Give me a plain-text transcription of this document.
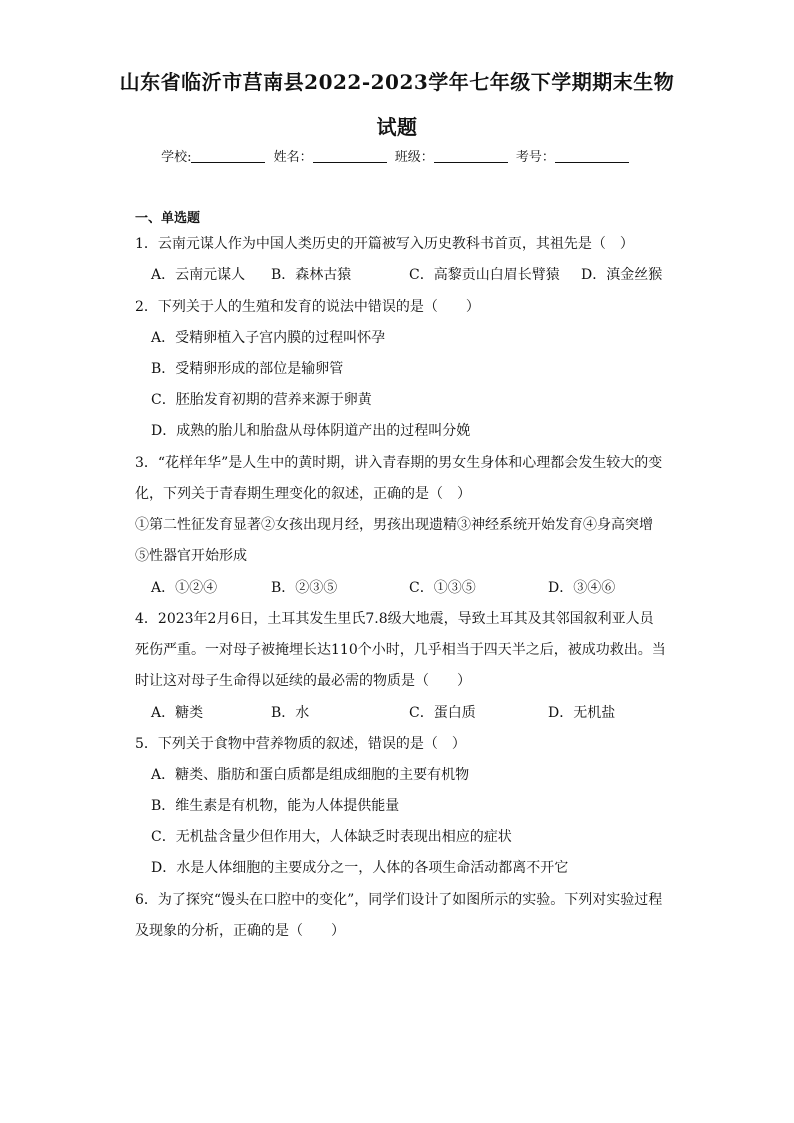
山东省临沂市莒南县2022-2023学年七年级下学期期末生物
试题
学校:	姓名：	班级：	考号：
一、单选题
1．云南元谋人作为中国人类历史的开篇被写入历史教科书首页，其祖先是（　）
A．云南元谋人 B．森林古猿	C．高黎贡山白眉长臂猿 D．滇金丝猴
2．下列关于人的生殖和发育的说法中错误的是（　　）
A．受精卵植入子宫内膜的过程叫怀孕
B．受精卵形成的部位是输卵管
C．胚胎发育初期的营养来源于卵黄
D．成熟的胎儿和胎盘从母体阴道产出的过程叫分娩
3．“花样年华”是人生中的黄时期，讲入青春期的男女生身体和心理都会发生较大的变
化，下列关于青春期生理变化的叙述，正确的是（　）
①第二性征发育显著②女孩出现月经，男孩出现遗精③神经系统开始发育④身高突增
⑤性器官开始形成
A．①②④	B．②③⑤	C．①③⑤	D．③④⑥
4．2023年2月6日，土耳其发生里氏7.8级大地震，导致土耳其及其邻国叙利亚人员
死伤严重。一对母子被掩埋长达110个小时，几乎相当于四天半之后，被成功救出。当
时让这对母子生命得以延续的最必需的物质是（　　）
A．糖类	B．水	C．蛋白质	D．无机盐
5．下列关于食物中营养物质的叙述，错误的是（　）
A．糖类、脂肪和蛋白质都是组成细胞的主要有机物
B．维生素是有机物，能为人体提供能量
C．无机盐含量少但作用大，人体缺乏时表现出相应的症状
D．水是人体细胞的主要成分之一，人体的各项生命活动都离不开它
6．为了探究“馒头在口腔中的变化”，同学们设计了如图所示的实验。下列对实验过程
及现象的分析，正确的是（　　）
